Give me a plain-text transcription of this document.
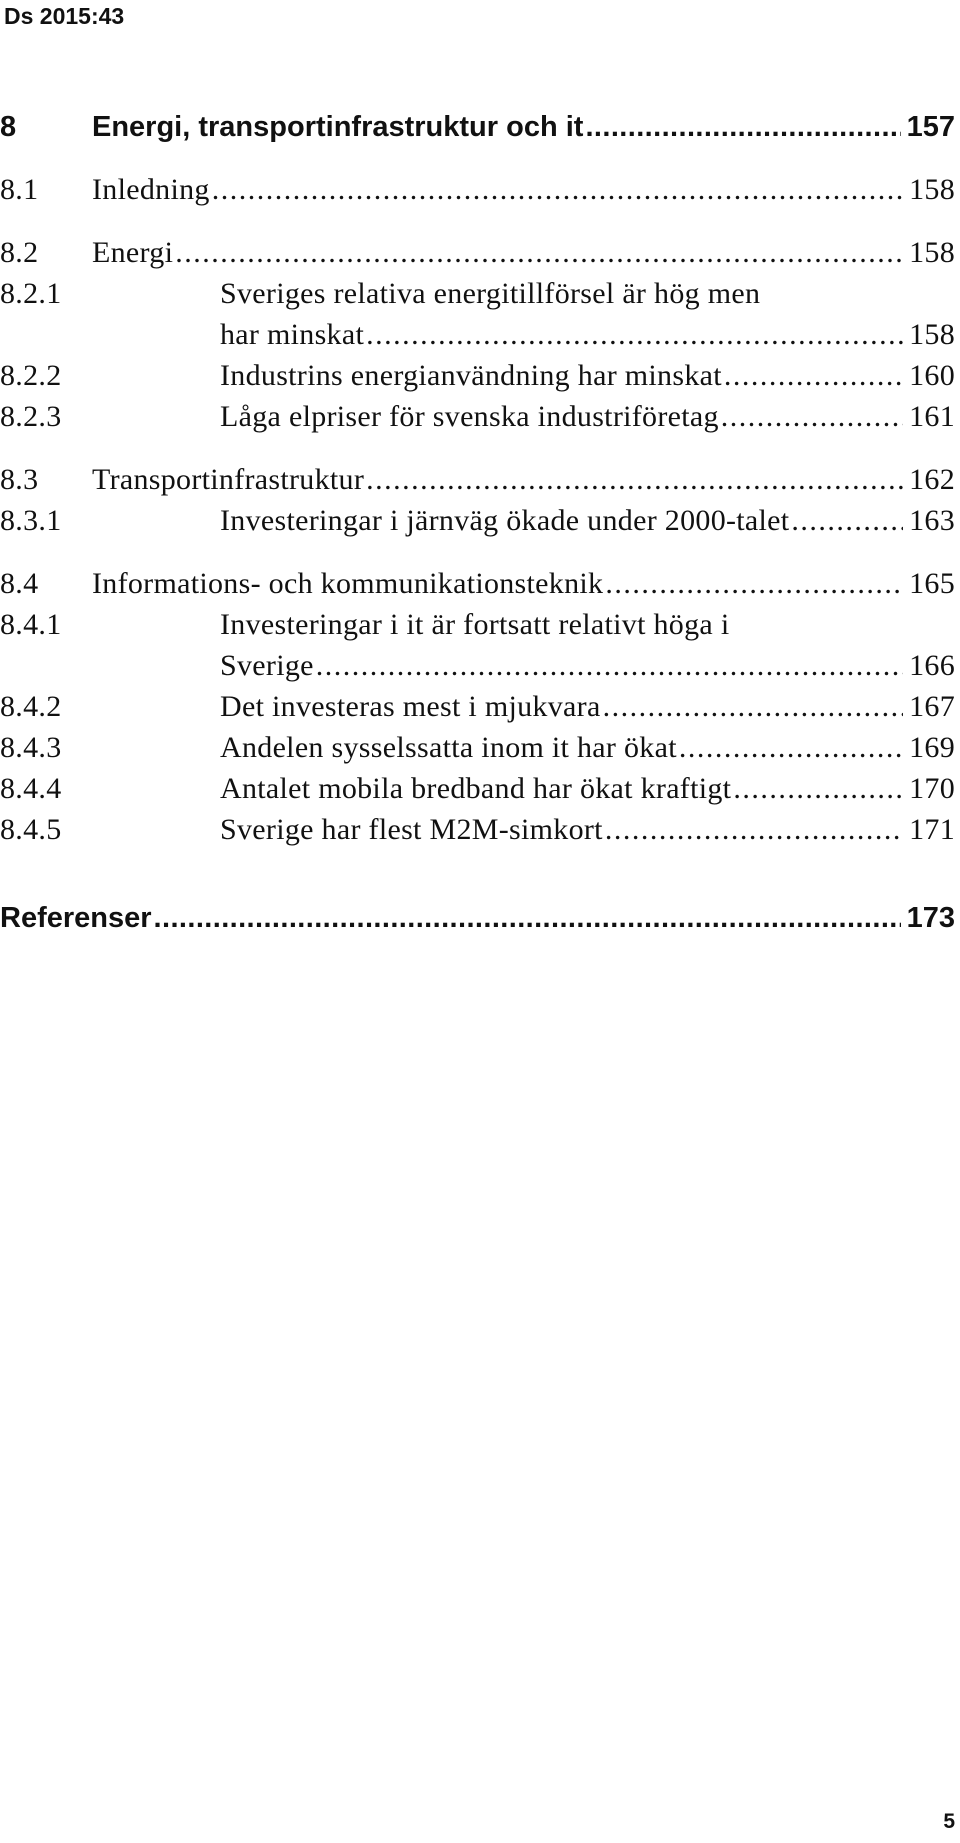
Ds 2015:43
8	Energi, transportinfrastruktur och it .....	157
8.1	Inledning .....	158
8.2	Energi .....	158
8.2.1	Sveriges relativa energitillförsel är hög men
har minskat .....	158
8.2.2	Industrins energianvändning har minskat .....	160
8.2.3	Låga elpriser för svenska industriföretag .....	161
8.3	Transportinfrastruktur .....	162
8.3.1	Investeringar i järnväg ökade under 2000-talet .....	163
8.4	Informations- och kommunikationsteknik .....	165
8.4.1	Investeringar i it är fortsatt relativt höga i
Sverige .....	166
8.4.2	Det investeras mest i mjukvara .....	167
8.4.3	Andelen sysselssatta inom it har ökat .....	169
8.4.4	Antalet mobila bredband har ökat kraftigt .....	170
8.4.5	Sverige har flest M2M-simkort .....	171
Referenser .....	173
5
